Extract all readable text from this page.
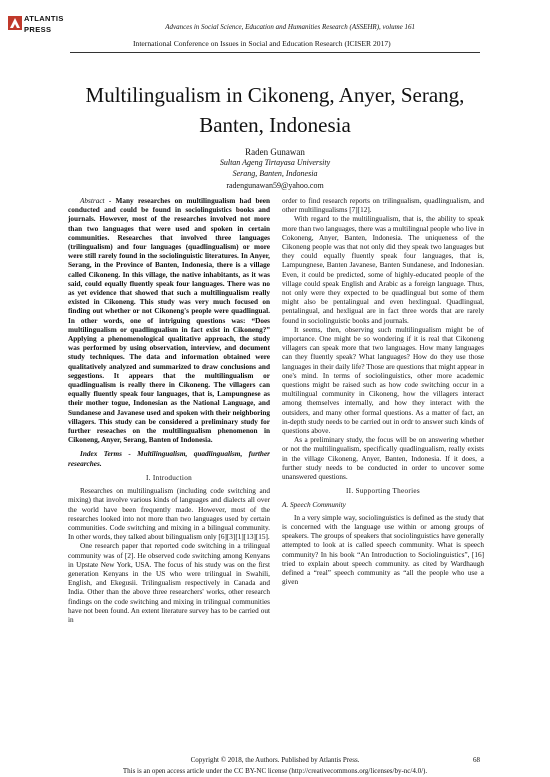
ATLANTIS
PRESS	Advances in Social Science, Education and Humanities Research (ASSEHR), volume 161
International Conference on Issues in Social and Education Research (ICISER 2017)
Multilingualism in Cikoneng, Anyer, Serang,
Banten, Indonesia
Raden Gunawan
Sultan Ageng Tirtayasa University
Serang, Banten, Indonesia
radengunawan59@yahoo.com

Abstract - Many researches on multilingualism had been conducted and could be found in sociolinguistics books and journals. However, most of the researches involved not more than two languages that were used and spoken in certain communities. Researches that involved three languages (trilingualism) and four languages (quadlingualism) or more were still rarely found in the sociolinguistic literatures. In Anyer, Serang, in the Province of Banten, Indonesia, there is a village called Cikoneng. In this village, the native inhabitants, as it was said, could equally fluently speak four languages. There was no as yet evidence that showed that such a multilingualism really existed in Cikoneng. This study was very much focused on finding out whether or not Cikoneng's people were quadlingual. In other words, one of intriguing questions was: “Does multilingualism or quadlingualism in fact exist in Cikoneng?” Applying a phenomenological qualitative approach, the study was performed by using observation, interview, and document study techniques. The data and information obtained were qualitatively analyzed and summarized to draw conclusions and seggestions. It appears that the multilingualism or quadlingualism is really there in Cikoneng. The villagers can equally fluently speak four languages, that is, Lampungnese as their mother togue, Indonesian as the National Language, and Sundanese and Javanese used and spoken with their neighboring villagers. This study can be considered a preliminary study for further reseaches on the multilingualism phenomenon in Cikoneng, Anyer, Serang, Banten of Indonesia.

Index Terms - Multilingualism, quadlingualism, further researches.

I. Introduction

Researches on multilingualism (including code switching and mixing) that involve various kinds of languages and dialects all over the world have been frequently made. However, most of the researches looked into not more than two languages used by certain communities. Code switching and mixing in a bilingual community. In other words, they talked about bilingualism only [6][3][1][13][15].

One research paper that reported code switching in a trilingual community was of [2]. He observed code switching among Kenyans in Upstate New York, USA. The focus of his study was on the first generation Kenyans in the US who were trilingual in Swahili, English, and Ekegusii. Trilingualism respectively in Canada and India. Other than the above three researchers' works, other research findings on the code switching and mixing in trilingual communities have not been found. An extent literature survey has to be carried out in

order to find research reports on trilingualism, quadlingualism, and other multilingualisms [7][12].

With regard to the multilingualism, that is, the ability to speak more than two languages, there was a multilingual people who live in Cokoneng, Anyer, Banten, Indonesia. The uniqueness of the Cikoneng people was that not only did they speak two languages but they could equally fluently speak four languages, that is, Lampungnese, Banten Javanese, Banten Sundanese, and Indonesian. Even, it could be predicted, some of highly-educated people of the village could speak English and Arabic as a foreign language. Thus, not only were they expected to be quadlingual but some of them might also be pentalingual and even hexlingual. Quadlingual, pentalingual, and hexligual are in fact three words that are rarely found in sociolinguistic books and journals.

It seems, then, observing such multilingualism might be of importance. One might be so wondering if it is real that Cikoneng villagers can speak more that two languages. How many languages can they fluently speak? What languages? How do they use those languages in their daily life? Those are questions that might appear in one's mind. In terms of sociolinguistics, other more academic questions might be raised such as how code switching occur in a multilingual community in Cikoneng, how the villagers interact among themselves internally, and how they interact with the outsiders, and many other formal questions. As a matter of fact, an in-depth study needs to be carried out in ordr to answer such kinds of questions above.

As a preliminary study, the focus will be on answering whether or not the multilingualism, specifically quadlingualism, really exists in the village Cikoneng, Anyer, Banten, Indonesia. If it does, a further study needs to be conducted in order to uncover some unanswered questions.

II. Supporting Theories

A. Speech Community

In a very simple way, sociolinguistics is defined as the study that is concerned with the language use within or among groups of speakers. The groups of speakers that sociolinguistics have generally attempted to look at is called speech community. What is speech community? In his book “An Introduction to Sociolinguistics”, [16] tried to explain about speech community. as cited by Wardhaugh defined a “real” speech community as “all the people who use a given

Copyright © 2018, the Authors. Published by Atlantis Press.	68
This is an open access article under the CC BY-NC license (http://creativecommons.org/licenses/by-nc/4.0/).
